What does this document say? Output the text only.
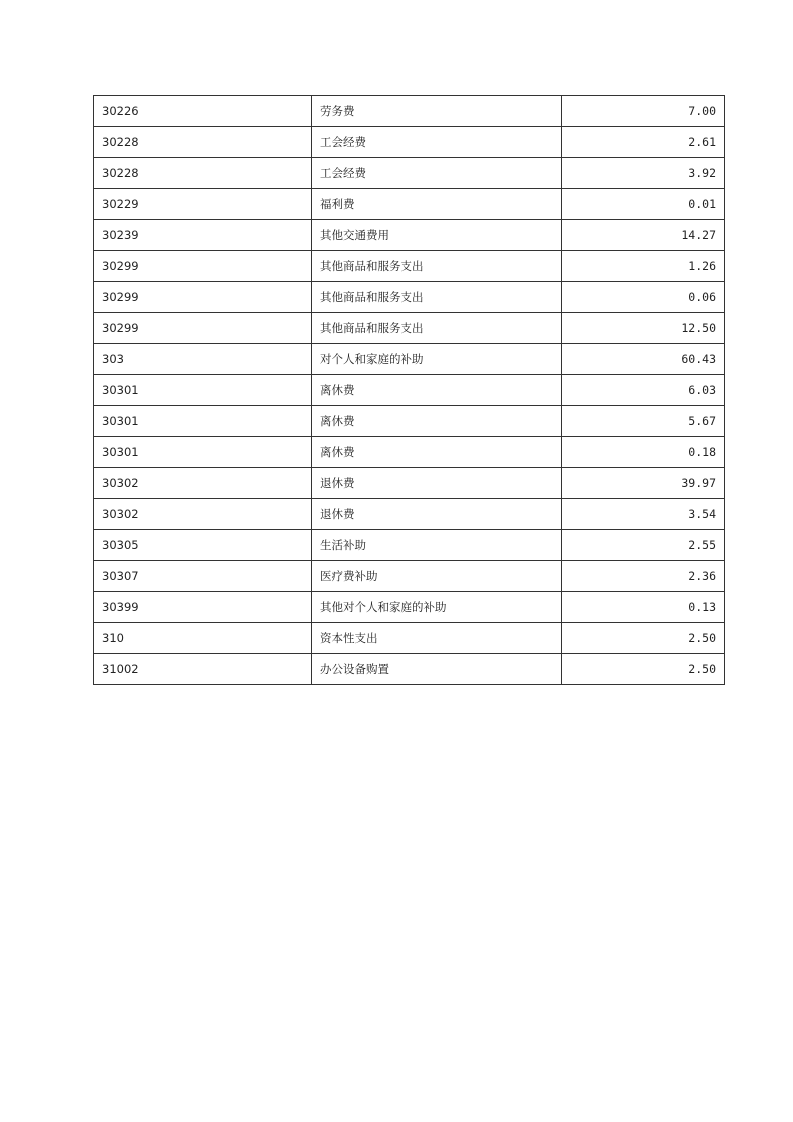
30226	劳务费	7.00
30228	工会经费	2.61
30228	工会经费	3.92
30229	福利费	0.01
30239	其他交通费用	14.27
30299	其他商品和服务支出	1.26
30299	其他商品和服务支出	0.06
30299	其他商品和服务支出	12.50
303	对个人和家庭的补助	60.43
30301	离休费	6.03
30301	离休费	5.67
30301	离休费	0.18
30302	退休费	39.97
30302	退休费	3.54
30305	生活补助	2.55
30307	医疗费补助	2.36
30399	其他对个人和家庭的补助	0.13
310	资本性支出	2.50
31002	办公设备购置	2.50
